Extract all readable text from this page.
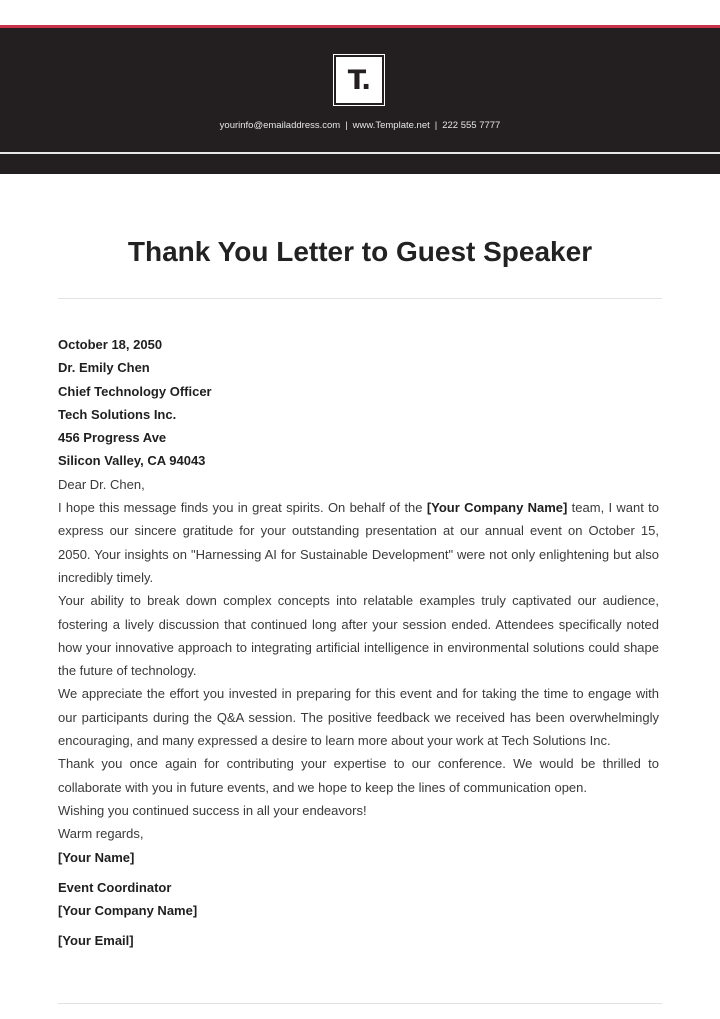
T.
yourinfo@emailaddress.com | www.Template.net | 222 555 7777
Thank You Letter to Guest Speaker

October 18, 2050

Dr. Emily Chen

Chief Technology Officer

Tech Solutions Inc.

456 Progress Ave

Silicon Valley, CA 94043

Dear Dr. Chen,

I hope this message finds you in great spirits. On behalf of the [Your Company Name] team, I want to express our sincere gratitude for your outstanding presentation at our annual event on October 15, 2050. Your insights on "Harnessing AI for Sustainable Development" were not only enlightening but also incredibly timely.

Your ability to break down complex concepts into relatable examples truly captivated our audience, fostering a lively discussion that continued long after your session ended. Attendees specifically noted how your innovative approach to integrating artificial intelligence in environmental solutions could shape the future of technology.

We appreciate the effort you invested in preparing for this event and for taking the time to engage with our participants during the Q&A session. The positive feedback we received has been overwhelmingly encouraging, and many expressed a desire to learn more about your work at Tech Solutions Inc.

Thank you once again for contributing your expertise to our conference. We would be thrilled to collaborate with you in future events, and we hope to keep the lines of communication open.

Wishing you continued success in all your endeavors!

Warm regards,

[Your Name]

Event Coordinator

[Your Company Name]

[Your Email]
